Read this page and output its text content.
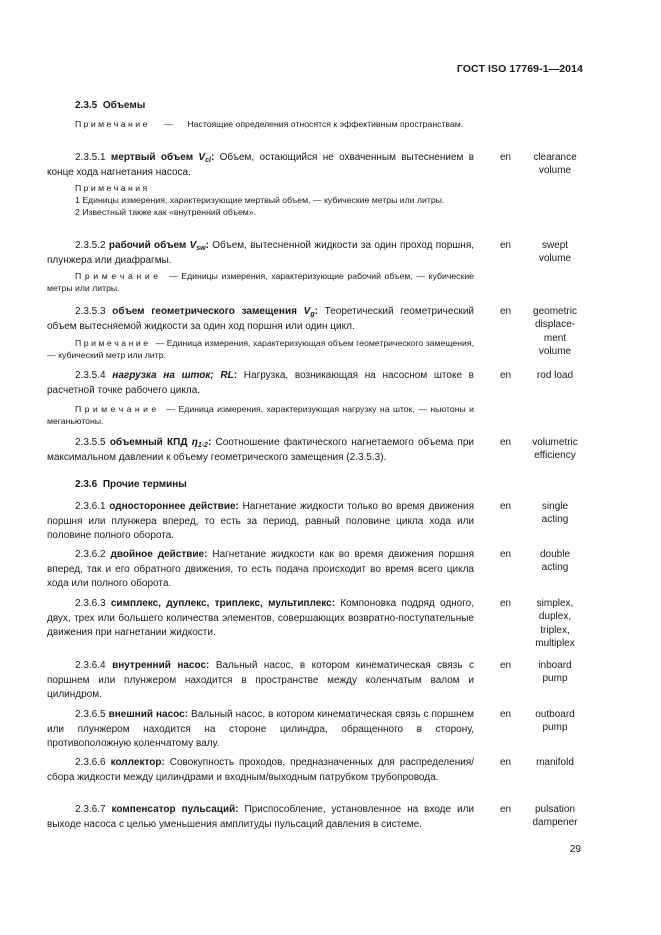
ГОСТ ISO 17769-1—2014
2.3.5 Объемы
П р и м е ч а н и е — Настоящие определения относятся к эффективным пространствам.
2.3.5.1 мертвый объем $V_{cl}$: Объем, остающийся не охваченным вытеснением в конце хода нагнетания насоса.
en	clearance
volume
П р и м е ч а н и я
1 Единицы измерения, характеризующие мертвый объем, — кубические метры или литры.
2 Известный также как «внутренний объем».
2.3.5.2 рабочий объем $V_{sw}$: Объем, вытесненной жидкости за один проход поршня, плунжера или диафрагмы.
en	swept
volume
П р и м е ч а н и е — Единицы измерения, характеризующие рабочий объем, — кубические метры или литры.
2.3.5.3 объем геометрического замещения $V_g$: Теоретический геометрический объем вытесняемой жидкости за один ход поршня или один цикл.
en	geometric
displace-
ment
volume
П р и м е ч а н и е — Единица измерения, характеризующая объем геометрического замещения, — кубический метр или литр.
2.3.5.4 нагрузка на шток; RL: Нагрузка, возникающая на насосном штоке в расчетной точке рабочего цикла.
en	rod load
П р и м е ч а н и е — Единица измерения, характеризующая нагрузку на шток, — ньютоны и меганьютоны.
2.3.5.5 объемный КПД $\eta_{1-2}$: Соотношение фактического нагнетаемого объема при максимальном давлении к объему геометрического замещения (2.3.5.3).
en	volumetric
efficiency
2.3.6 Прочие термины
2.3.6.1 одностороннее действие: Нагнетание жидкости только во время движения поршня или плунжера вперед, то есть за период, равный половине цикла хода или половине полного оборота.
en	single
acting
2.3.6.2 двойное действие: Нагнетание жидкости как во время движения поршня вперед, так и его обратного движения, то есть подача происходит во время всего цикла хода или полного оборота.
en	double
acting
2.3.6.3 симплекс, дуплекс, триплекс, мультиплекс: Компоновка подряд одного, двух, трех или большего количества элементов, совершающих возвратно-поступательные движения при нагнетании жидкости.
en	simplex,
duplex,
triplex,
multiplex
2.3.6.4 внутренний насос: Вальный насос, в котором кинематическая связь с поршнем или плунжером находится в пространстве между коленчатым валом и цилиндром.
en	inboard
pump
2.3.6.5 внешний насос: Вальный насос, в котором кинематическая связь с поршнем или плунжером находится на стороне цилиндра, обращенного в сторону, противоположную коленчатому валу.
en	outboard
pump
2.3.6.6 коллектор: Совокупность проходов, предназначенных для распределения/сбора жидкости между цилиндрами и входным/выходным патрубком трубопровода.
en	manifold
2.3.6.7 компенсатор пульсаций: Приспособление, установленное на входе или выходе насоса с целью уменьшения амплитуды пульсаций давления в системе.
en	pulsation
dampener
29
